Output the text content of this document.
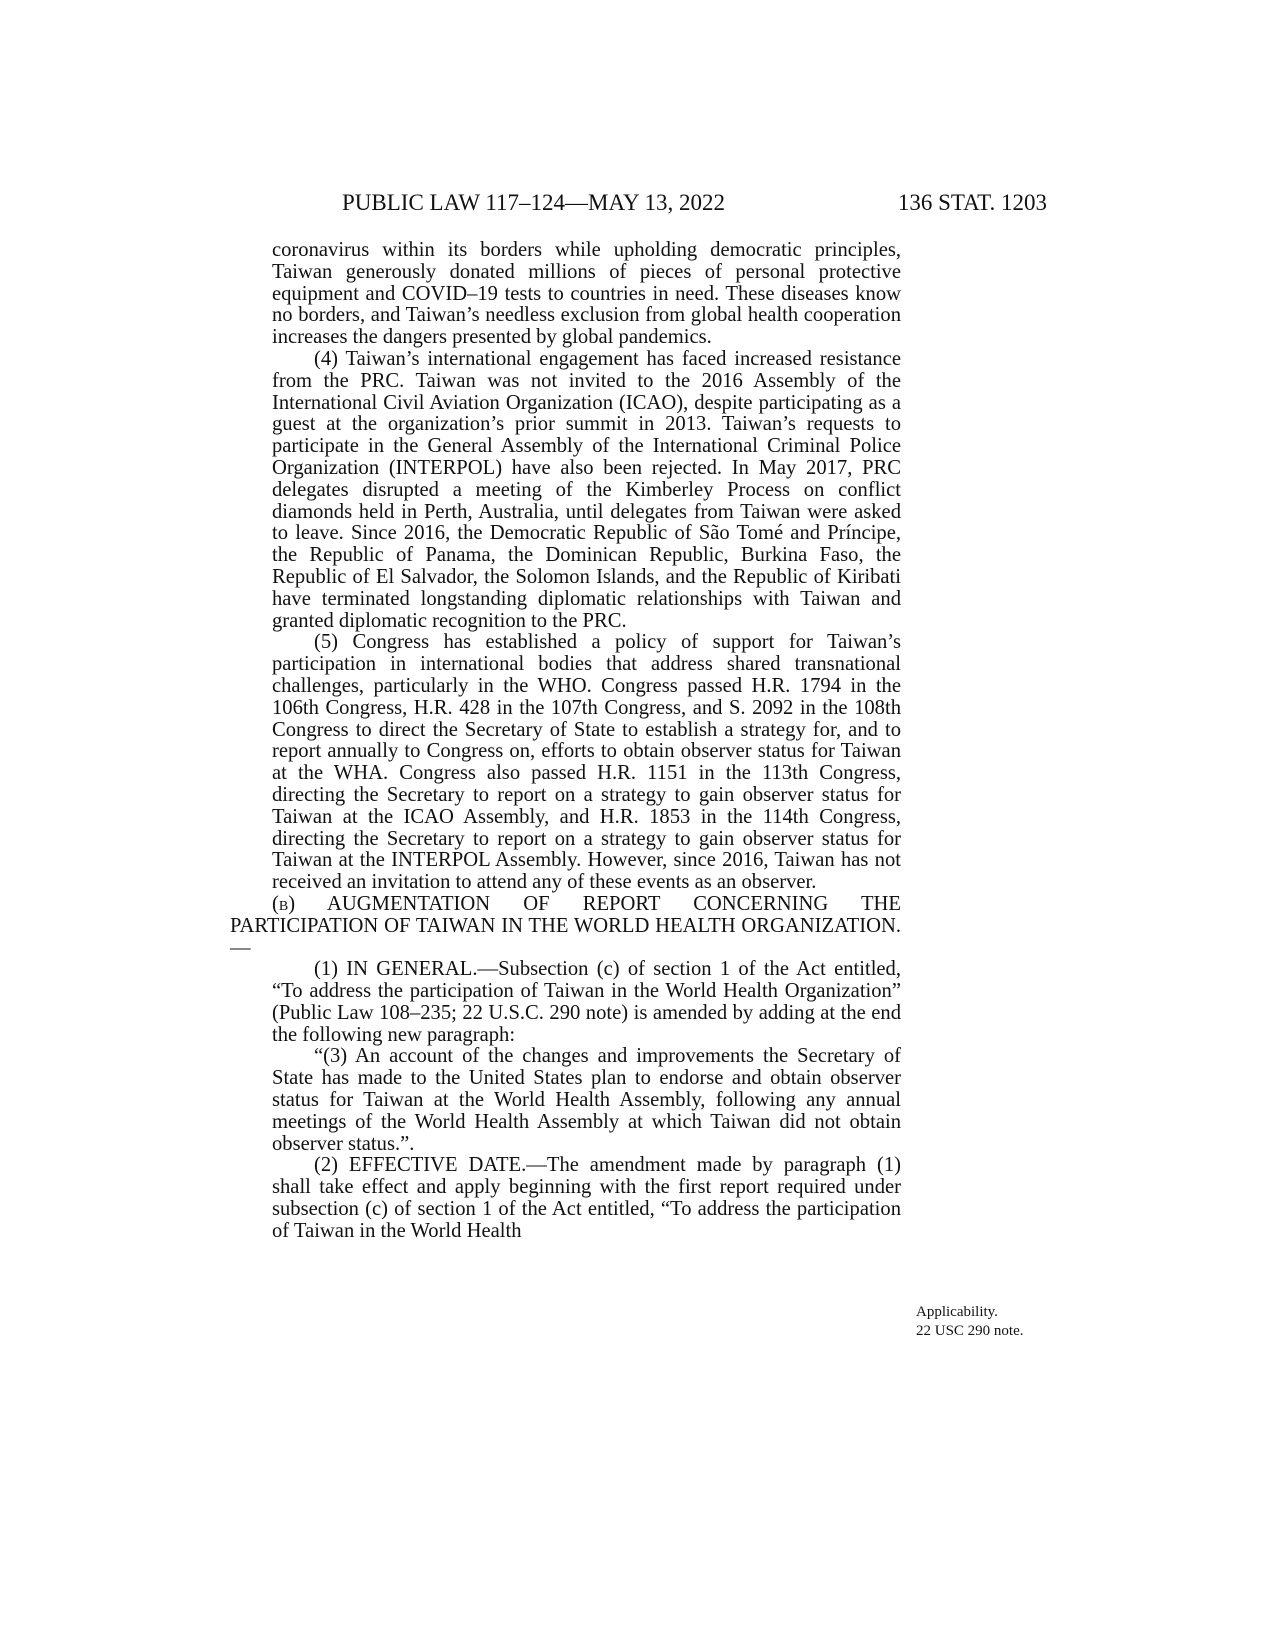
PUBLIC LAW 117–124—MAY 13, 2022	136 STAT. 1203

coronavirus within its borders while upholding democratic principles, Taiwan generously donated millions of pieces of personal protective equipment and COVID–19 tests to countries in need. These diseases know no borders, and Taiwan’s needless exclusion from global health cooperation increases the dangers presented by global pandemics.

(4) Taiwan’s international engagement has faced increased resistance from the PRC. Taiwan was not invited to the 2016 Assembly of the International Civil Aviation Organization (ICAO), despite participating as a guest at the organization’s prior summit in 2013. Taiwan’s requests to participate in the General Assembly of the International Criminal Police Organization (INTERPOL) have also been rejected. In May 2017, PRC delegates disrupted a meeting of the Kimberley Process on conflict diamonds held in Perth, Australia, until delegates from Taiwan were asked to leave. Since 2016, the Democratic Republic of São Tomé and Príncipe, the Republic of Panama, the Dominican Republic, Burkina Faso, the Republic of El Salvador, the Solomon Islands, and the Republic of Kiribati have terminated longstanding diplomatic relationships with Taiwan and granted diplomatic recognition to the PRC.

(5) Congress has established a policy of support for Taiwan’s participation in international bodies that address shared transnational challenges, particularly in the WHO. Congress passed H.R. 1794 in the 106th Congress, H.R. 428 in the 107th Congress, and S. 2092 in the 108th Congress to direct the Secretary of State to establish a strategy for, and to report annually to Congress on, efforts to obtain observer status for Taiwan at the WHA. Congress also passed H.R. 1151 in the 113th Congress, directing the Secretary to report on a strategy to gain observer status for Taiwan at the ICAO Assembly, and H.R. 1853 in the 114th Congress, directing the Secretary to report on a strategy to gain observer status for Taiwan at the INTERPOL Assembly. However, since 2016, Taiwan has not received an invitation to attend any of these events as an observer.

(b) AUGMENTATION OF REPORT CONCERNING THE PARTICIPATION OF TAIWAN IN THE WORLD HEALTH ORGANIZATION.—

(1) IN GENERAL.—Subsection (c) of section 1 of the Act entitled, “To address the participation of Taiwan in the World Health Organization” (Public Law 108–235; 22 U.S.C. 290 note) is amended by adding at the end the following new paragraph:

“(3) An account of the changes and improvements the Secretary of State has made to the United States plan to endorse and obtain observer status for Taiwan at the World Health Assembly, following any annual meetings of the World Health Assembly at which Taiwan did not obtain observer status.”.

(2) EFFECTIVE DATE.—The amendment made by paragraph (1) shall take effect and apply beginning with the first report required under subsection (c) of section 1 of the Act entitled, “To address the participation of Taiwan in the World Health

Applicability.
22 USC 290 note.
